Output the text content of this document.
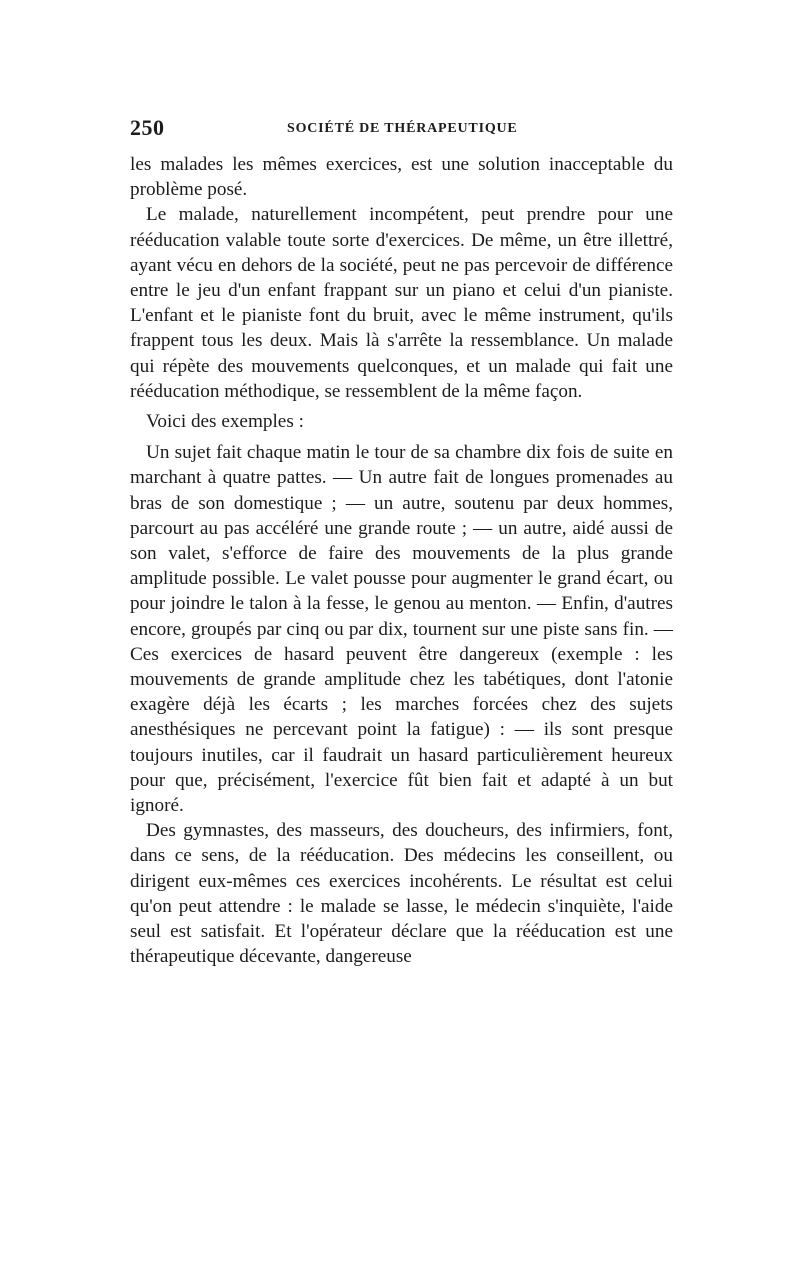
250	SOCIÉTÉ DE THÉRAPEUTIQUE

les malades les mêmes exercices, est une solution inacceptable du problème posé.

Le malade, naturellement incompétent, peut prendre pour une rééducation valable toute sorte d'exercices. De même, un être illettré, ayant vécu en dehors de la société, peut ne pas percevoir de différence entre le jeu d'un enfant frappant sur un piano et celui d'un pianiste. L'enfant et le pianiste font du bruit, avec le même instrument, qu'ils frappent tous les deux. Mais là s'arrête la ressemblance. Un malade qui répète des mouvements quelconques, et un malade qui fait une rééducation méthodique, se ressemblent de la même façon.

Voici des exemples :

Un sujet fait chaque matin le tour de sa chambre dix fois de suite en marchant à quatre pattes. — Un autre fait de longues promenades au bras de son domestique ; — un autre, soutenu par deux hommes, parcourt au pas accéléré une grande route ; — un autre, aidé aussi de son valet, s'efforce de faire des mouvements de la plus grande amplitude possible. Le valet pousse pour augmenter le grand écart, ou pour joindre le talon à la fesse, le genou au menton. — Enfin, d'autres encore, groupés par cinq ou par dix, tournent sur une piste sans fin. — Ces exercices de hasard peuvent être dangereux (exemple : les mouvements de grande amplitude chez les tabétiques, dont l'atonie exagère déjà les écarts ; les marches forcées chez des sujets anesthésiques ne percevant point la fatigue) : — ils sont presque toujours inutiles, car il faudrait un hasard particulièrement heureux pour que, précisément, l'exercice fût bien fait et adapté à un but ignoré.

Des gymnastes, des masseurs, des doucheurs, des infirmiers, font, dans ce sens, de la rééducation. Des médecins les conseillent, ou dirigent eux-mêmes ces exercices incohérents. Le résultat est celui qu'on peut attendre : le malade se lasse, le médecin s'inquiète, l'aide seul est satisfait. Et l'opérateur déclare que la rééducation est une thérapeutique décevante, dangereuse
